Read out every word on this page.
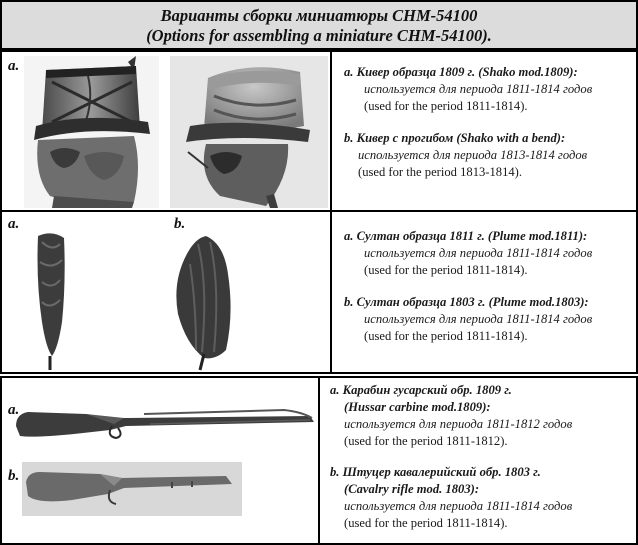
Варианты сборки миниатюры СНМ-54100
(Options for assembling a miniature CHM-54100).
a.	a. Кивер образца 1809 г. (Shako mod.1809):
используется для периода 1811-1814 годов
(used for the period 1811-1814).
b. Кивер с прогибом (Shako with a bend):
используется для периода 1813-1814 годов
(used for the period 1813-1814).
a.	b.
a. Султан образца 1811 г. (Plume mod.1811):
используется для периода 1811-1814 годов
(used for the period 1811-1814).
b. Султан образца 1803 г. (Plume mod.1803):
используется для периода 1811-1814 годов
(used for the period 1811-1814).
a.
b.
a. Карабин гусарский обр. 1809 г.
(Hussar carbine mod.1809):
используется для периода 1811-1812 годов
(used for the period 1811-1812).
b. Штуцер кавалерийский обр. 1803 г.
(Cavalry rifle mod. 1803):
используется для периода 1811-1814 годов
(used for the period 1811-1814).
